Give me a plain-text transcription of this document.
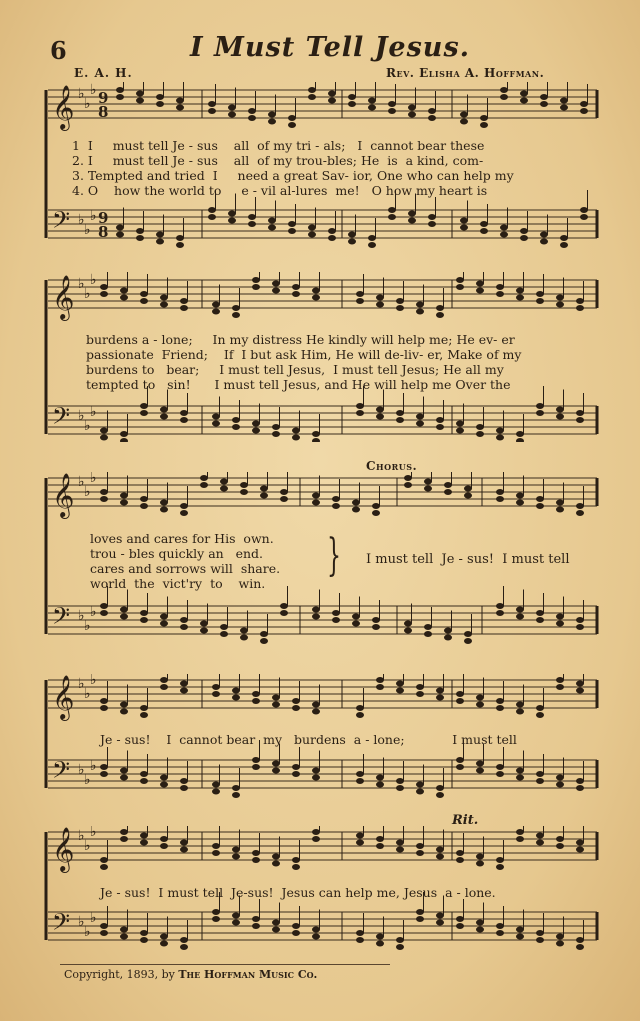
6	I Must Tell Jesus.
E. A. H.	Rev. Elisha A. Hoffman.
𝄞 ♭
♭
♭
𝄢 ♭
♭
♭
9
8
9
8
1  I     must tell Je - sus    all  of my tri - als;   I  cannot bear these
2. I     must tell Je - sus    all  of my trou-bles; He  is  a kind, com-
3. Tempted and tried  I     need a great Sav- ior, One who can help my
4. O    how the world to     e - vil al-lures  me!   O how my heart is
𝄞 ♭
♭
♭
𝄢 ♭
♭
♭
burdens a - lone;     In my distress He kindly will help me; He ev- er
passionate  Friend;    If  I but ask Him, He will de-liv- er, Make of my
burdens to   bear;     I must tell Jesus,  I must tell Jesus; He all my
tempted to   sin!      I must tell Jesus, and He will help me Over the
𝄞 ♭
♭
♭
𝄢 ♭
♭
♭
loves and cares for His  own.
trou - bles quickly an   end.
cares and sorrows will  share.
world  the  vict'ry  to    win.
Chorus.
} I must tell  Je - sus!  I must tell
𝄞 ♭
♭
♭
𝄢 ♭
♭
♭
Je - sus!    I  cannot bear  my   burdens  a - lone;            I must tell
𝄞 ♭
♭
♭
𝄢 ♭
♭
♭
Je - sus!  I must tell  Je-sus!  Jesus can help me, Jesus  a - lone.
Rit.
Copyright, 1893, by The Hoffman Music Co.
